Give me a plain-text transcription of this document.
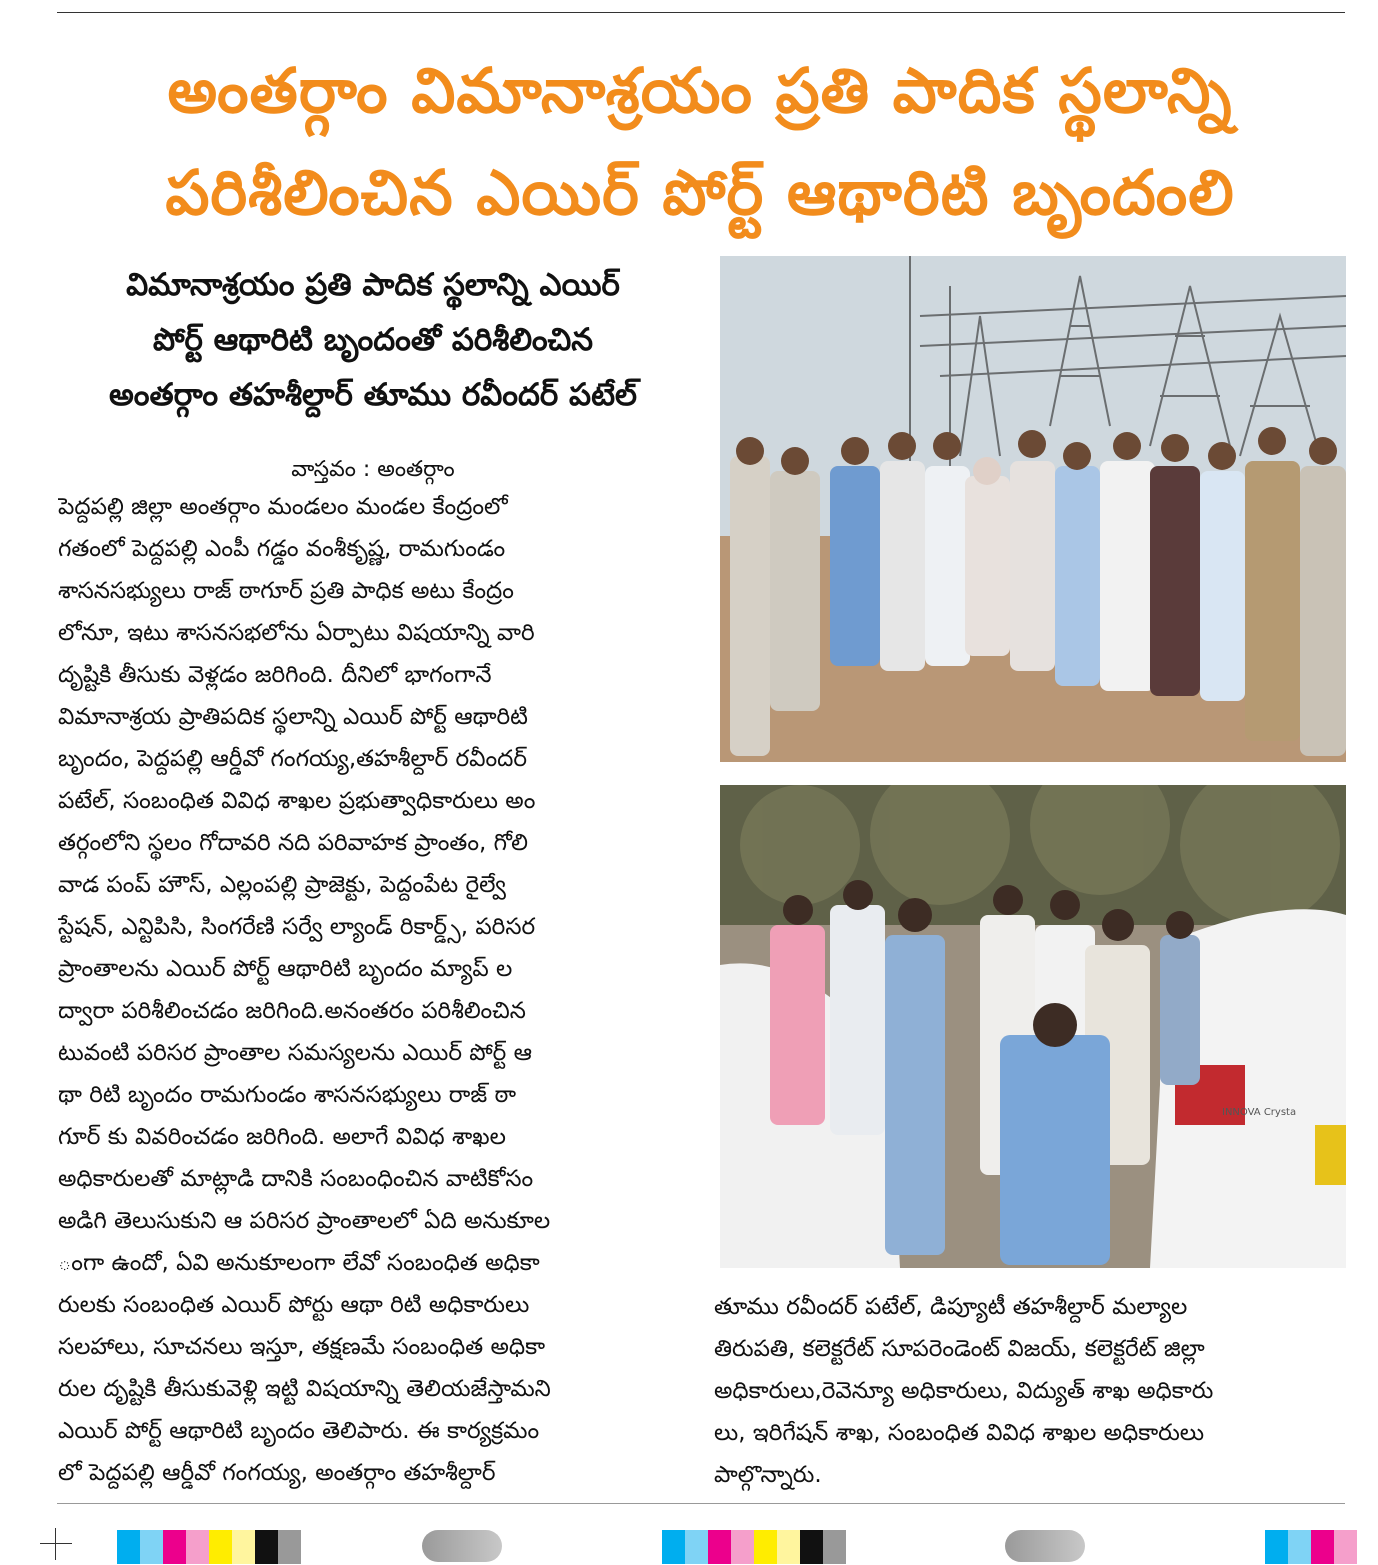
అంతర్గాం విమానాశ్రయం ప్రతి పాదిక స్థలాన్ని
పరిశీలించిన ఎయిర్ పోర్ట్ ఆథారిటి బృందంలి
విమానాశ్రయం ప్రతి పాదిక స్థలాన్ని ఎయిర్
పోర్ట్ ఆథారిటి బృందంతో పరిశీలించిన
అంతర్గాం తహశీల్దార్ తూము రవీందర్ పటేల్
వాస్తవం : అంతర్గాం
పెద్దపల్లి జిల్లా అంతర్గాం మండలం మండల కేంద్రంలో
గతంలో పెద్దపల్లి ఎంపీ గడ్డం వంశీకృష్ణ, రామగుండం
శాసనసభ్యులు రాజ్ ఠాగూర్ ప్రతి పాధిక అటు కేంద్రం
లోనూ, ఇటు శాసనసభలోను ఏర్పాటు విషయాన్ని వారి
దృష్టికి తీసుకు వెళ్లడం జరిగింది. దీనిలో భాగంగానే
విమానాశ్రయ ప్రాతిపదిక స్థలాన్ని ఎయిర్ పోర్ట్ ఆథారిటి
బృందం, పెద్దపల్లి ఆర్డీవో గంగయ్య,తహశీల్దార్ రవీందర్
పటేల్, సంబంధిత వివిధ శాఖల ప్రభుత్వాధికారులు అం
తర్గంలోని స్థలం గోదావరి నది పరివాహక ప్రాంతం, గోలి
వాడ పంప్ హౌస్, ఎల్లంపల్లి ప్రాజెక్టు, పెద్దంపేట రైల్వే
స్టేషన్, ఎన్టిపిసి, సింగరేణి సర్వే ల్యాండ్ రికార్డ్స్, పరిసర
ప్రాంతాలను ఎయిర్ పోర్ట్ ఆథారిటి బృందం మ్యాప్ ల
ద్వారా పరిశీలించడం జరిగింది.అనంతరం పరిశీలించిన
టువంటి పరిసర ప్రాంతాల సమస్యలను ఎయిర్ పోర్ట్ ఆ
థా రిటి బృందం రామగుండం శాసనసభ్యులు రాజ్ ఠా
గూర్ కు వివరించడం జరిగింది. అలాగే వివిధ శాఖల
అధికారులతో మాట్లాడి దానికి సంబంధించిన వాటికోసం
అడిగి తెలుసుకుని ఆ పరిసర ప్రాంతాలలో ఏది అనుకూల
ంగా ఉందో, ఏవి అనుకూలంగా లేవో సంబంధిత అధికా
రులకు సంబంధిత ఎయిర్ పోర్టు ఆథా రిటి అధికారులు
సలహాలు, సూచనలు ఇస్తూ, తక్షణమే సంబంధిత అధికా
రుల దృష్టికి తీసుకువెళ్లి ఇట్టి విషయాన్ని తెలియజేస్తామని
ఎయిర్ పోర్ట్ ఆథారిటి బృందం తెలిపారు. ఈ కార్యక్రమం
లో పెద్దపల్లి ఆర్డీవో గంగయ్య, అంతర్గాం తహశీల్దార్
INNOVA Crysta
తూము రవీందర్ పటేల్, డిప్యూటీ తహశీల్దార్ మల్యాల
తిరుపతి, కలెక్టరేట్ సూపరెండెంట్ విజయ్, కలెక్టరేట్ జిల్లా
అధికారులు,రెవెన్యూ అధికారులు, విద్యుత్ శాఖ అధికారు
లు, ఇరిగేషన్ శాఖ, సంబంధిత వివిధ శాఖల అధికారులు
పాల్గొన్నారు.
